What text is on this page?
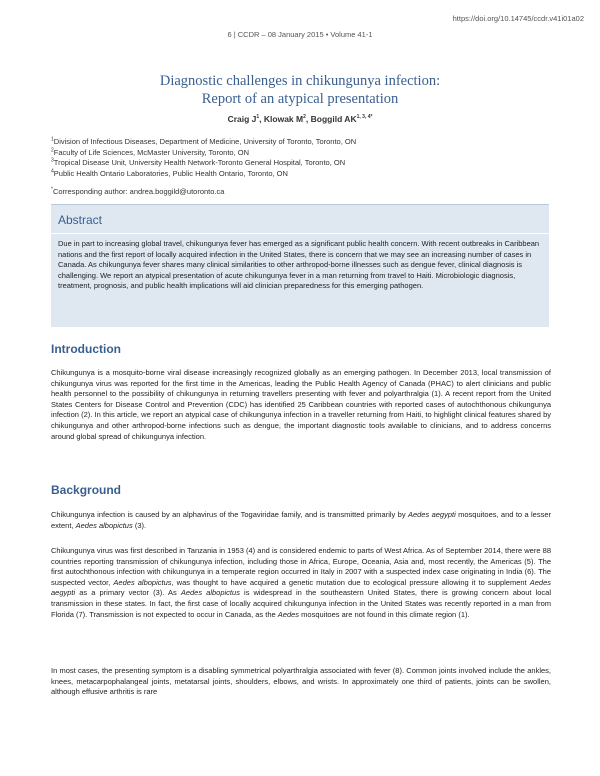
https://doi.org/10.14745/ccdr.v41i01a02
6 | CCDR – 08 January 2015 • Volume 41-1
Diagnostic challenges in chikungunya infection:
Report of an atypical presentation
Craig $J^1$, Klowak $M^2$, Boggild $AK^{1, 3, 4*}$
$^1$Division of Infectious Diseases, Department of Medicine, University of Toronto, Toronto, ON
$^2$Faculty of Life Sciences, McMaster University, Toronto, ON
$^3$Tropical Disease Unit, University Health Network-Toronto General Hospital, Toronto, ON
$^4$Public Health Ontario Laboratories, Public Health Ontario, Toronto, ON
*Corresponding author: andrea.boggild@utoronto.ca
Abstract
Due in part to increasing global travel, chikungunya fever has emerged as a significant public health concern. With recent outbreaks in Caribbean nations and the first report of locally acquired infection in the United States, there is concern that we may see an increasing number of cases in Canada. As chikungunya fever shares many clinical similarities to other arthropod-borne illnesses such as dengue fever, clinical diagnosis is challenging. We report an atypical presentation of acute chikungunya fever in a man returning from travel to Haiti. Microbiologic diagnosis, treatment, prognosis, and public health implications will aid clinician preparedness for this emerging pathogen.
Introduction
Chikungunya is a mosquito-borne viral disease increasingly recognized globally as an emerging pathogen. In December 2013, local transmission of chikungunya virus was reported for the first time in the Americas, leading the Public Health Agency of Canada (PHAC) to alert clinicians and public health personnel to the possibility of chikungunya in returning travellers presenting with fever and polyarthralgia (1). A recent report from the United States Centers for Disease Control and Prevention (CDC) has identified 25 Caribbean countries with reported cases of autochthonous chikungunya infection (2). In this article, we report an atypical case of chikungunya infection in a traveller returning from Haiti, to highlight clinical features shared by chikungunya and other arthropod-borne infections such as dengue, the important diagnostic tools available to clinicians, and to address concerns around global spread of chikungunya infection.
Background
Chikungunya infection is caused by an alphavirus of the Togaviridae family, and is transmitted primarily by Aedes aegypti mosquitoes, and to a lesser extent, Aedes albopictus (3).
Chikungunya virus was first described in Tanzania in 1953 (4) and is considered endemic to parts of West Africa. As of September 2014, there were 88 countries reporting transmission of chikungunya infection, including those in Africa, Europe, Oceania, Asia and, most recently, the Americas (5). The first autochthonous infection with chikungunya in a temperate region occurred in Italy in 2007 with a suspected index case originating in India (6). The suspected vector, Aedes albopictus, was thought to have acquired a genetic mutation due to ecological pressure allowing it to supplement Aedes aegypti as a primary vector (3). As Aedes albopictus is widespread in the southeastern United States, there is growing concern about local transmission in these states. In fact, the first case of locally acquired chikungunya infection in the United States was recently reported in a man from Florida (7). Transmission is not expected to occur in Canada, as the Aedes mosquitoes are not found in this climate region (1).
In most cases, the presenting symptom is a disabling symmetrical polyarthralgia associated with fever (8). Common joints involved include the ankles, knees, metacarpophalangeal joints, metatarsal joints, shoulders, elbows, and wrists. In approximately one third of patients, joints can be swollen, although effusive arthritis is rare
